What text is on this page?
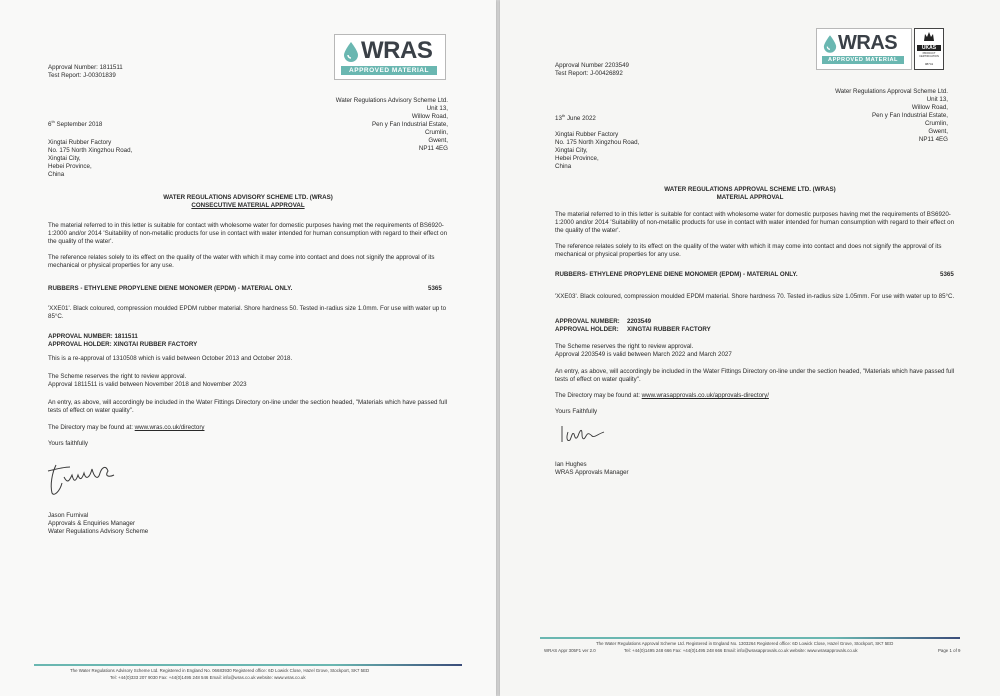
WRAS
APPROVED MATERIAL
Approval Number: 1811511
Test Report: J-00301839
Water Regulations Advisory Scheme Ltd.
Unit 13,
Willow Road,
Pen y Fan Industrial Estate,
Crumlin,
Gwent,
NP11 4EG
6th September 2018
Xingtai Rubber Factory
No. 175 North Xingzhou Road,
Xingtai City,
Hebei Province,
China
WATER REGULATIONS ADVISORY SCHEME LTD. (WRAS)
CONSECUTIVE MATERIAL APPROVAL
The material referred to in this letter is suitable for contact with wholesome water for domestic purposes having met the requirements of BS6920-1:2000 and/or 2014 'Suitability of non-metallic products for use in contact with water intended for human consumption with regard to their effect on the quality of the water'.
The reference relates solely to its effect on the quality of the water with which it may come into contact and does not signify the approval of its mechanical or physical properties for any use.
RUBBERS - ETHYLENE PROPYLENE DIENE MONOMER (EPDM) - MATERIAL ONLY.	5365
'XXE01'. Black coloured, compression moulded EPDM rubber material. Shore hardness 50. Tested in-radius size 1.0mm. For use with water up to 85°C.
APPROVAL NUMBER: 1811511
APPROVAL HOLDER: XINGTAI RUBBER FACTORY
This is a re-approval of 1310508 which is valid between October 2013 and October 2018.
The Scheme reserves the right to review approval.
Approval 1811511 is valid between November 2018 and November 2023
An entry, as above, will accordingly be included in the Water Fittings Directory on-line under the section headed, "Materials which have passed full tests of effect on water quality".
The Directory may be found at: www.wras.co.uk/directory
Yours faithfully
Jason Furnival
Approvals & Enquiries Manager
Water Regulations Advisory Scheme
The Water Regulations Advisory Scheme Ltd. Registered in England No. 06683930 Registered office: 6D Lowick Close, Hazel Grove, Stockport, SK7 5ED
Tel: +44(0)333 207 9030 Fax: +44(0)1495 248 546 Email: info@wras.co.uk website: www.wras.co.uk
WRAS
APPROVED MATERIAL
UKAS
PRODUCT
CERTIFICATION
08741
Approval Number 2203549
Test Report: J-00426892
Water Regulations Approval Scheme Ltd.
Unit 13,
Willow Road,
Pen y Fan Industrial Estate,
Crumlin,
Gwent,
NP11 4EG
13th June 2022
Xingtai Rubber Factory
No. 175 North Xingzhou Road,
Xingtai City,
Hebei Province,
China
WATER REGULATIONS APPROVAL SCHEME LTD. (WRAS)
MATERIAL APPROVAL
The material referred to in this letter is suitable for contact with wholesome water for domestic purposes having met the requirements of BS6920-1:2000 and/or 2014 'Suitability of non-metallic products for use in contact with water intended for human consumption with regard to their effect on the quality of the water'.
The reference relates solely to its effect on the quality of the water with which it may come into contact and does not signify the approval of its mechanical or physical properties for any use.
RUBBERS- ETHYLENE PROPYLENE DIENE MONOMER (EPDM) - MATERIAL ONLY.	5365
'XXE03'. Black coloured, compression moulded EPDM material. Shore hardness 70. Tested in-radius size 1.05mm. For use with water up to 85°C.
APPROVAL NUMBER: 2203549
APPROVAL HOLDER: XINGTAI RUBBER FACTORY
The Scheme reserves the right to review approval.
Approval 2203549 is valid between March 2022 and March 2027
An entry, as above, will accordingly be included in the Water Fittings Directory on-line under the section headed, "Materials which have passed full tests of effect on water quality".
The Directory may be found at: www.wrasapprovals.co.uk/approvals-directory/
Yours Faithfully
Ian Hughes
WRAS Approvals Manager
The Water Regulations Approval Scheme Ltd. Registered in England No. 1303264 Registered office: 6D Lowick Close, Hazel Grove, Stockport, SK7 5ED
WRAS Appr 305F1 ver 2.0	Tel: +44(0)1495 248 666 Fax: +44(0)1495 248 666 Email: info@wrasapprovals.co.uk website: www.wrasapprovals.co.uk	Page 1 of 9
